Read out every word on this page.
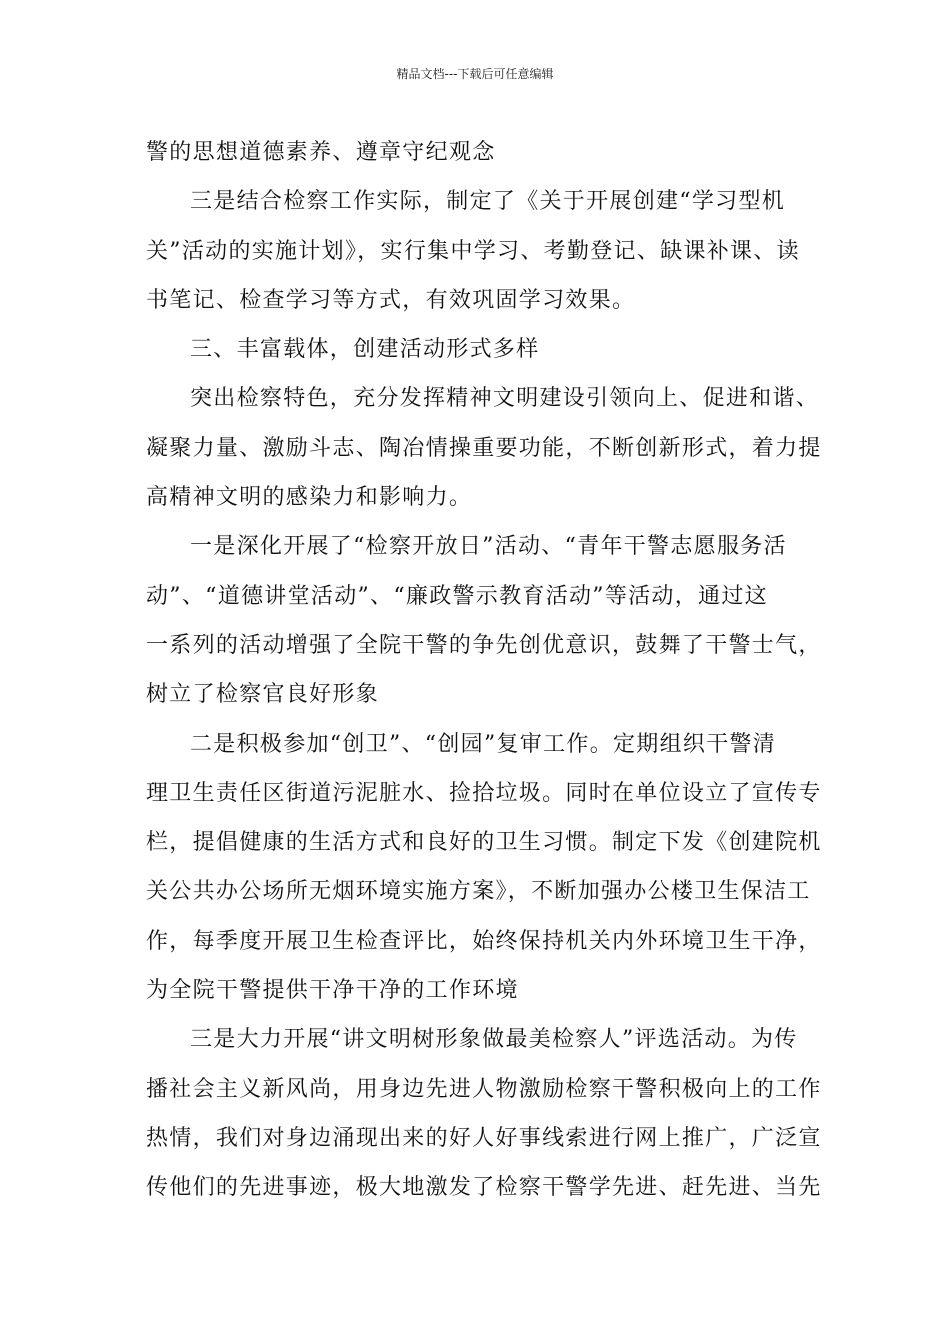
精品文档---下载后可任意编辑
警的思想道德素养、遵章守纪观念
三是结合检察工作实际，制定了《关于开展创建“学习型机
关”活动的实施计划》，实行集中学习、考勤登记、缺课补课、读
书笔记、检查学习等方式，有效巩固学习效果。
三、丰富载体，创建活动形式多样
突出检察特色，充分发挥精神文明建设引领向上、促进和谐、
凝聚力量、激励斗志、陶冶情操重要功能，不断创新形式，着力提
高精神文明的感染力和影响力。
一是深化开展了“检察开放日”活动、“青年干警志愿服务活
动”、“道德讲堂活动”、“廉政警示教育活动”等活动，通过这
一系列的活动增强了全院干警的争先创优意识，鼓舞了干警士气，
树立了检察官良好形象
二是积极参加“创卫”、“创园”复审工作。定期组织干警清
理卫生责任区街道污泥脏水、捡拾垃圾。同时在单位设立了宣传专
栏，提倡健康的生活方式和良好的卫生习惯。制定下发《创建院机
关公共办公场所无烟环境实施方案》，不断加强办公楼卫生保洁工
作，每季度开展卫生检查评比，始终保持机关内外环境卫生干净，
为全院干警提供干净干净的工作环境
三是大力开展“讲文明树形象做最美检察人”评选活动。为传
播社会主义新风尚，用身边先进人物激励检察干警积极向上的工作
热情，我们对身边涌现出来的好人好事线索进行网上推广，广泛宣
传他们的先进事迹，极大地激发了检察干警学先进、赶先进、当先
